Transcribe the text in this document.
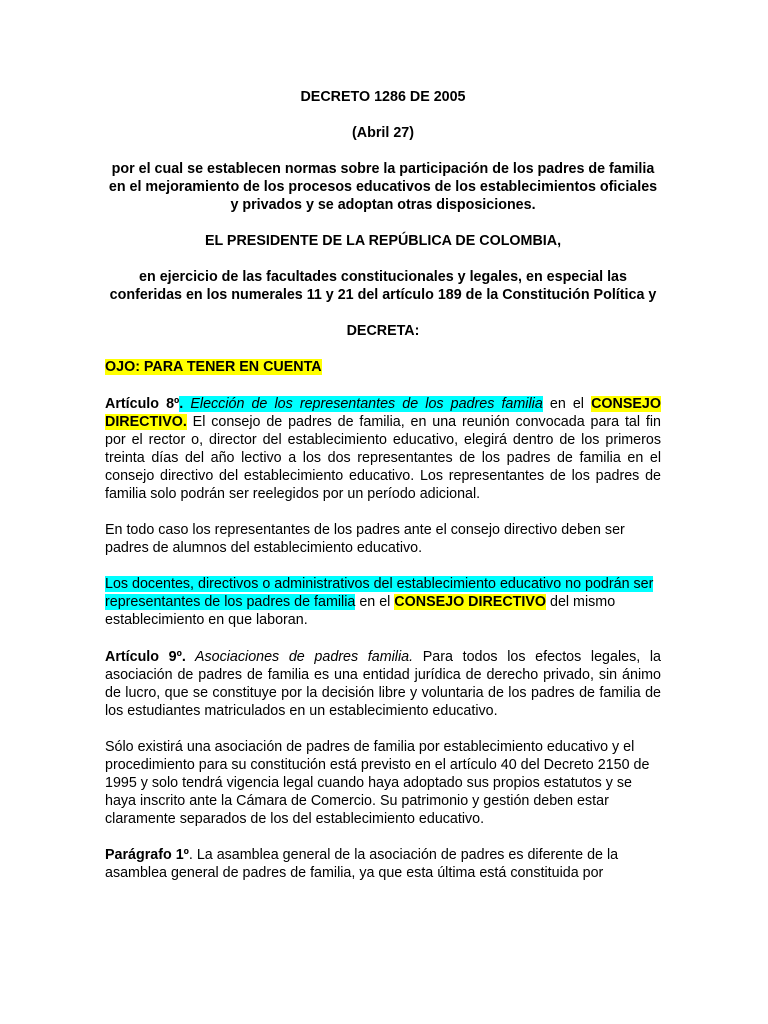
DECRETO 1286 DE 2005

(Abril 27)

por el cual se establecen normas sobre la participación de los padres de familia en el mejoramiento de los procesos educativos de los establecimientos oficiales y privados y se adoptan otras disposiciones.

EL PRESIDENTE DE LA REPÚBLICA DE COLOMBIA,

en ejercicio de las facultades constitucionales y legales, en especial las conferidas en los numerales 11 y 21 del artículo 189 de la Constitución Política y

DECRETA:

OJO: PARA TENER EN CUENTA

Artículo 8º. Elección de los representantes de los padres familia en el CONSEJO DIRECTIVO. El consejo de padres de familia, en una reunión convocada para tal fin por el rector o, director del establecimiento educativo, elegirá dentro de los primeros treinta días del año lectivo a los dos representantes de los padres de familia en el consejo directivo del establecimiento educativo. Los representantes de los padres de familia solo podrán ser reelegidos por un período adicional.

En todo caso los representantes de los padres ante el consejo directivo deben ser padres de alumnos del establecimiento educativo.

Los docentes, directivos o administrativos del establecimiento educativo no podrán ser representantes de los padres de familia en el CONSEJO DIRECTIVO del mismo establecimiento en que laboran.

Artículo 9º. Asociaciones de padres familia. Para todos los efectos legales, la asociación de padres de familia es una entidad jurídica de derecho privado, sin ánimo de lucro, que se constituye por la decisión libre y voluntaria de los padres de familia de los estudiantes matriculados en un establecimiento educativo.

Sólo existirá una asociación de padres de familia por establecimiento educativo y el procedimiento para su constitución está previsto en el artículo 40 del Decreto 2150 de 1995 y solo tendrá vigencia legal cuando haya adoptado sus propios estatutos y se haya inscrito ante la Cámara de Comercio. Su patrimonio y gestión deben estar claramente separados de los del establecimiento educativo.

Parágrafo 1º. La asamblea general de la asociación de padres es diferente de la asamblea general de padres de familia, ya que esta última está constituida por
